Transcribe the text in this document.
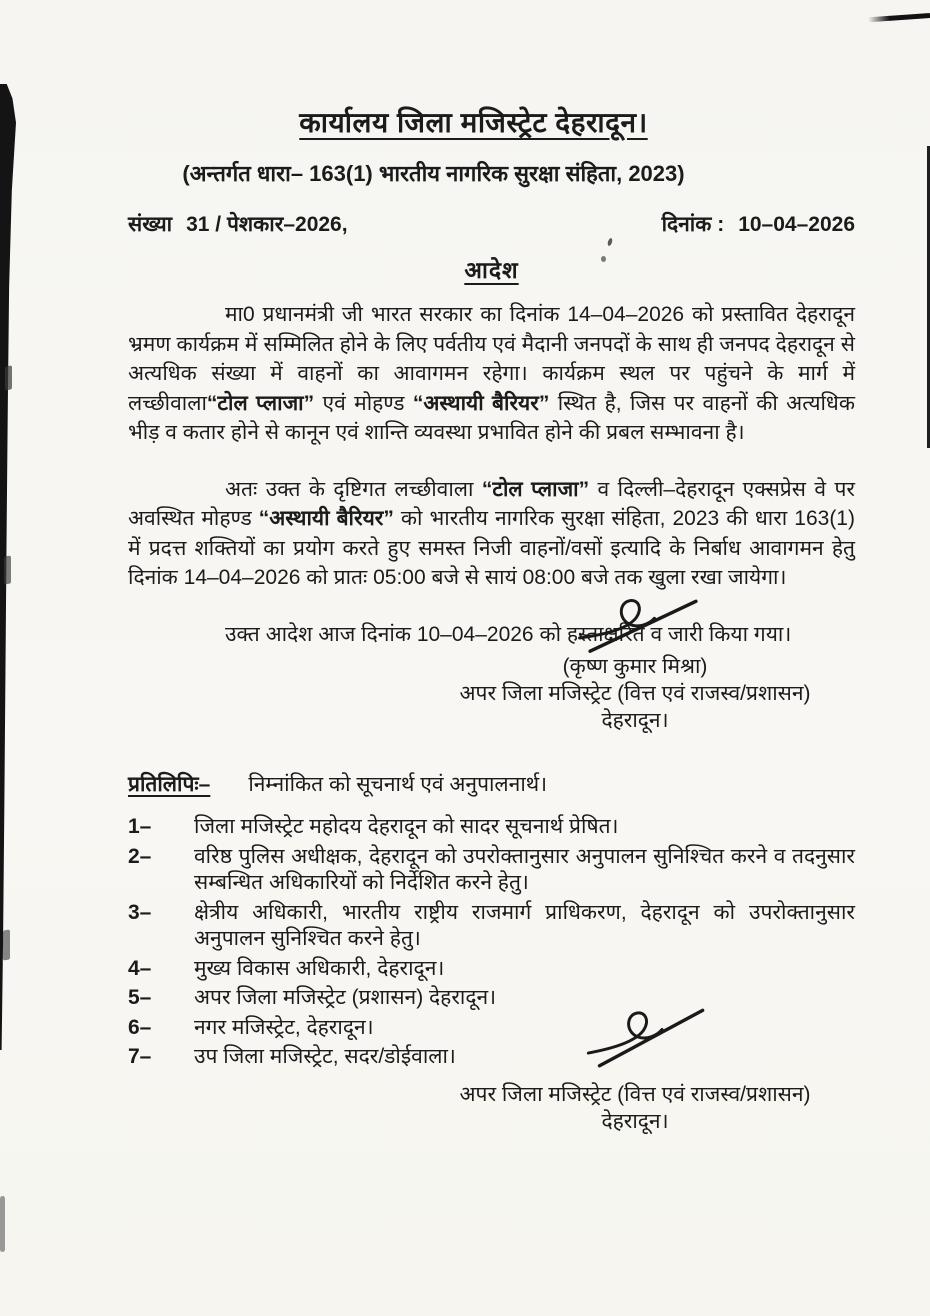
कार्यालय जिला मजिस्ट्रेट देहरादून।
(अन्तर्गत धारा– 163(1) भारतीय नागरिक सुरक्षा संहिता, 2023)
संख्या 31 / पेशकार–2026,	दिनांक : 10–04–2026
आदेश

मा0 प्रधानमंत्री जी भारत सरकार का दिनांक 14–04–2026 को प्रस्तावित देहरादून भ्रमण कार्यक्रम में सम्मिलित होने के लिए पर्वतीय एवं मैदानी जनपदों के साथ ही जनपद देहरादून से अत्यधिक संख्या में वाहनों का आवागमन रहेगा। कार्यक्रम स्थल पर पहुंचने के मार्ग में लच्छीवाला“टोल प्लाजा” एवं मोहण्ड “अस्थायी बैरियर” स्थित है, जिस पर वाहनों की अत्यधिक भीड़ व कतार होने से कानून एवं शान्ति व्यवस्था प्रभावित होने की प्रबल सम्भावना है।

अतः उक्त के दृष्टिगत लच्छीवाला “टोल प्लाजा” व दिल्ली–देहरादून एक्सप्रेस वे पर अवस्थित मोहण्ड “अस्थायी बैरियर” को भारतीय नागरिक सुरक्षा संहिता, 2023 की धारा 163(1) में प्रदत्त शक्तियों का प्रयोग करते हुए समस्त निजी वाहनों/वसों इत्यादि के निर्बाध आवागमन हेतु दिनांक 14–04–2026 को प्रातः 05:00 बजे से सायं 08:00 बजे तक खुला रखा जायेगा।

उक्त आदेश आज दिनांक 10–04–2026 को हस्ताक्षरित व जारी किया गया।

(कृष्ण कुमार मिश्रा)
अपर जिला मजिस्ट्रेट (वित्त एवं राजस्व/प्रशासन)
देहरादून।
प्रतिलिपिः– निम्नांकित को सूचनार्थ एवं अनुपालनार्थ।
1–	जिला मजिस्ट्रेट महोदय देहरादून को सादर सूचनार्थ प्रेषित।
2–	वरिष्ठ पुलिस अधीक्षक, देहरादून को उपरोक्तानुसार अनुपालन सुनिश्चित करने व तदनुसार सम्बन्धित अधिकारियों को निर्देशित करने हेतु।
3–	क्षेत्रीय अधिकारी, भारतीय राष्ट्रीय राजमार्ग प्राधिकरण, देहरादून को उपरोक्तानुसार अनुपालन सुनिश्चित करने हेतु।
4–	मुख्य विकास अधिकारी, देहरादून।
5–	अपर जिला मजिस्ट्रेट (प्रशासन) देहरादून।
6–	नगर मजिस्ट्रेट, देहरादून।
7–	उप जिला मजिस्ट्रेट, सदर/डोईवाला।
अपर जिला मजिस्ट्रेट (वित्त एवं राजस्व/प्रशासन)
देहरादून।
